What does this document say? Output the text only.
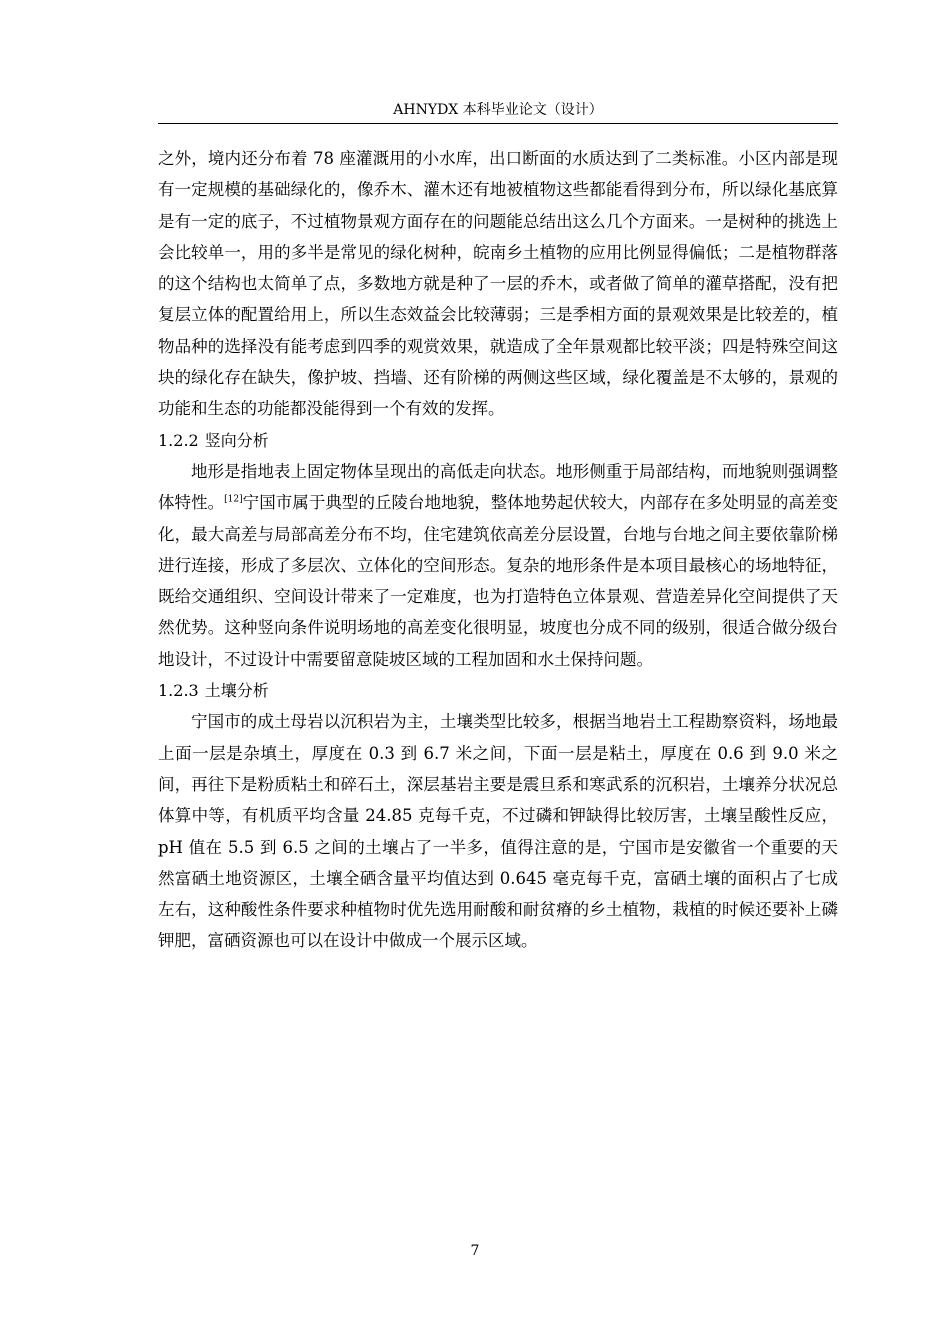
AHNYDX 本科毕业论文（设计）

之外，境内还分布着 78 座灌溉用的小水库，出口断面的水质达到了二类标准。小区内部是现有一定规模的基础绿化的，像乔木、灌木还有地被植物这些都能看得到分布，所以绿化基底算是有一定的底子，不过植物景观方面存在的问题能总结出这么几个方面来。一是树种的挑选上会比较单一，用的多半是常见的绿化树种，皖南乡土植物的应用比例显得偏低；二是植物群落的这个结构也太简单了点，多数地方就是种了一层的乔木，或者做了简单的灌草搭配，没有把复层立体的配置给用上，所以生态效益会比较薄弱；三是季相方面的景观效果是比较差的，植物品种的选择没有能考虑到四季的观赏效果，就造成了全年景观都比较平淡；四是特殊空间这块的绿化存在缺失，像护坡、挡墙、还有阶梯的两侧这些区域，绿化覆盖是不太够的，景观的功能和生态的功能都没能得到一个有效的发挥。

1.2.2 竖向分析

地形是指地表上固定物体呈现出的高低走向状态。地形侧重于局部结构，而地貌则强调整体特性。[12]宁国市属于典型的丘陵台地地貌，整体地势起伏较大，内部存在多处明显的高差变化，最大高差与局部高差分布不均，住宅建筑依高差分层设置，台地与台地之间主要依靠阶梯进行连接，形成了多层次、立体化的空间形态。复杂的地形条件是本项目最核心的场地特征，既给交通组织、空间设计带来了一定难度，也为打造特色立体景观、营造差异化空间提供了天然优势。这种竖向条件说明场地的高差变化很明显，坡度也分成不同的级别，很适合做分级台地设计，不过设计中需要留意陡坡区域的工程加固和水土保持问题。

1.2.3 土壤分析

宁国市的成土母岩以沉积岩为主，土壤类型比较多，根据当地岩土工程勘察资料，场地最上面一层是杂填土，厚度在 0.3 到 6.7 米之间，下面一层是粘土，厚度在 0.6 到 9.0 米之间，再往下是粉质粘土和碎石土，深层基岩主要是震旦系和寒武系的沉积岩，土壤养分状况总体算中等，有机质平均含量 24.85 克每千克，不过磷和钾缺得比较厉害，土壤呈酸性反应，pH 值在 5.5 到 6.5 之间的土壤占了一半多，值得注意的是，宁国市是安徽省一个重要的天然富硒土地资源区，土壤全硒含量平均值达到 0.645 毫克每千克，富硒土壤的面积占了七成左右，这种酸性条件要求种植物时优先选用耐酸和耐贫瘠的乡土植物，栽植的时候还要补上磷钾肥，富硒资源也可以在设计中做成一个展示区域。

7
